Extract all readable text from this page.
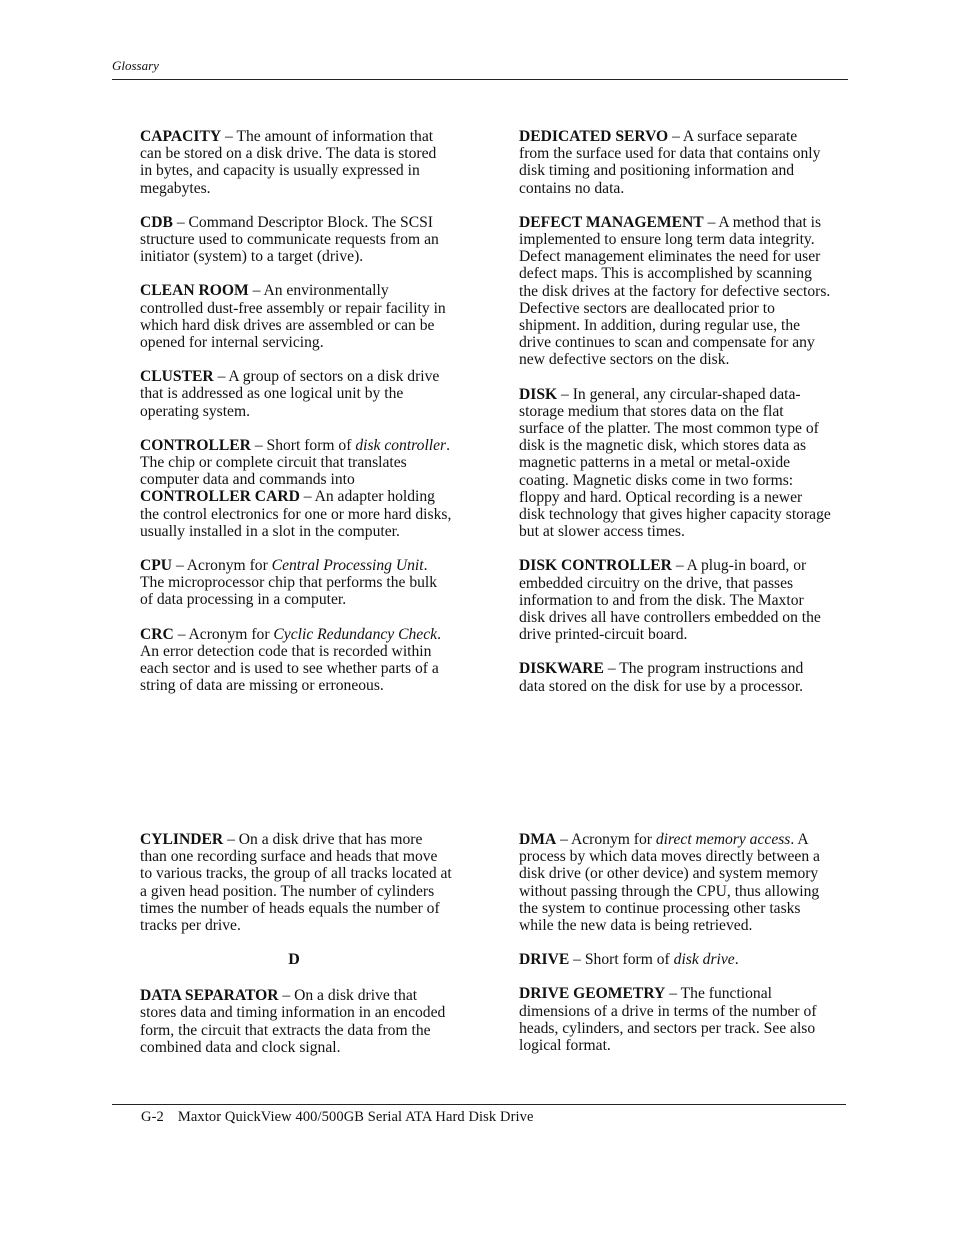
Glossary

CAPACITY – The amount of information that can be stored on a disk drive. The data is stored in bytes, and capacity is usually expressed in megabytes.

CDB – Command Descriptor Block. The SCSI structure used to communicate requests from an initiator (system) to a target (drive).

CLEAN ROOM – An environmentally controlled dust-free assembly or repair facility in which hard disk drives are assembled or can be opened for internal servicing.

CLUSTER – A group of sectors on a disk drive that is addressed as one logical unit by the operating system.

CONTROLLER – Short form of disk controller. The chip or complete circuit that translates computer data and commands into CONTROLLER CARD – An adapter holding the control electronics for one or more hard disks, usually installed in a slot in the computer.

CPU – Acronym for Central Processing Unit. The microprocessor chip that performs the bulk of data processing in a computer.

CRC – Acronym for Cyclic Redundancy Check. An error detection code that is recorded within each sector and is used to see whether parts of a string of data are missing or erroneous.

CYLINDER – On a disk drive that has more than one recording surface and heads that move to various tracks, the group of all tracks located at a given head position. The number of cylinders times the number of heads equals the number of tracks per drive.

D

DATA SEPARATOR – On a disk drive that stores data and timing information in an encoded form, the circuit that extracts the data from the combined data and clock signal.

DEDICATED SERVO – A surface separate from the surface used for data that contains only disk timing and positioning information and contains no data.

DEFECT MANAGEMENT – A method that is implemented to ensure long term data integrity. Defect management eliminates the need for user defect maps. This is accomplished by scanning the disk drives at the factory for defective sectors. Defective sectors are deallocated prior to shipment. In addition, during regular use, the drive continues to scan and compensate for any new defective sectors on the disk.

DISK – In general, any circular-shaped data-storage medium that stores data on the flat surface of the platter. The most common type of disk is the magnetic disk, which stores data as magnetic patterns in a metal or metal-oxide coating. Magnetic disks come in two forms: floppy and hard. Optical recording is a newer disk technology that gives higher capacity storage but at slower access times.

DISK CONTROLLER – A plug-in board, or embedded circuitry on the drive, that passes information to and from the disk. The Maxtor disk drives all have controllers embedded on the drive printed-circuit board.

DISKWARE – The program instructions and data stored on the disk for use by a processor.

DMA – Acronym for direct memory access. A process by which data moves directly between a disk drive (or other device) and system memory without passing through the CPU, thus allowing the system to continue processing other tasks while the new data is being retrieved.

DRIVE – Short form of disk drive.

DRIVE GEOMETRY – The functional dimensions of a drive in terms of the number of heads, cylinders, and sectors per track. See also logical format.

G-2 Maxtor QuickView 400/500GB Serial ATA Hard Disk Drive
